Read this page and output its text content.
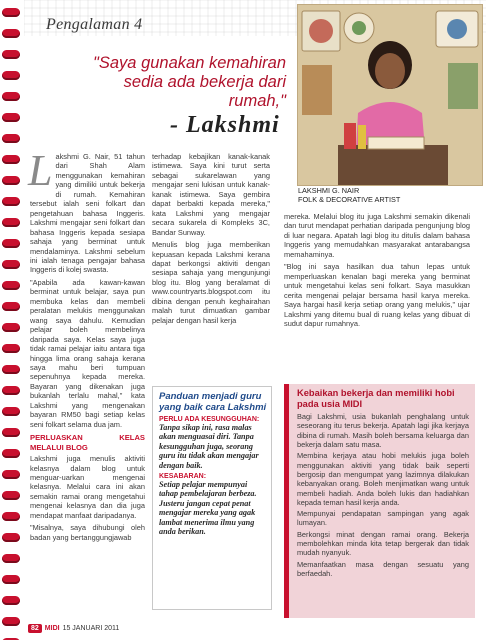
Pengalaman 4
"Saya gunakan kemahiran sedia ada bekerja dari rumah,"
- Lakshmi
LAKSHMI G. NAIR
FOLK & DECORATIVE ARTIST

Lakshmi G. Nair, 51 tahun dari Shah Alam menggunakan kemahiran yang dimiliki untuk bekerja di rumah. Kemahiran tersebut ialah seni folkart dan pengetahuan bahasa Inggeris. Lakshmi mengajar seni folkart dan bahasa Inggeris kepada sesiapa sahaja yang berminat untuk mendalaminya. Lakshmi sebelum ini ialah tenaga pengajar bahasa Inggeris di kolej swasta.

"Apabila ada kawan-kawan berminat untuk belajar, saya pun membuka kelas dan membeli peralatan melukis menggunakan wang saya dahulu. Kemudian pelajar boleh membelinya daripada saya. Kelas saya juga tidak ramai pelajar iaitu antara tiga hingga lima orang sahaja kerana saya mahu beri tumpuan sepenuhnya kepada mereka. Bayaran yang dikenakan juga bukanlah terlalu mahal," kata Lakshmi yang mengenakan bayaran RM50 bagi setiap kelas seni folkart selama dua jam.

PERLUASKAN KELAS MELALUI BLOG

Lakshmi juga menulis aktiviti kelasnya dalam blog untuk menguar-uarkan mengenai kelasnya. Melalui cara ini akan semakin ramai orang mengetahui mengenai kelasnya dan dia juga mendapat manfaat daripadanya.

"Misalnya, saya dihubungi oleh badan yang bertanggungjawab

terhadap kebajikan kanak-kanak istimewa. Saya kini turut serta sebagai sukarelawan yang mengajar seni lukisan untuk kanak-kanak istimewa. Saya gembira dapat berbakti kepada mereka," kata Lakshmi yang mengajar secara sukarela di Kompleks 3C, Bandar Sunway.

Menulis blog juga memberikan kepuasan kepada Lakshmi kerana dapat berkongsi aktiviti dengan sesiapa sahaja yang mengunjungi blog itu. Blog yang beralamat di www.countryarts.blogspot.com itu dibina dengan penuh keghairahan malah turut dimuatkan gambar pelajar dengan hasil kerja

mereka. Melalui blog itu juga Lakshmi semakin dikenali dan turut mendapat perhatian daripada pengunjung blog di luar negara. Apatah lagi blog itu ditulis dalam bahasa Inggeris yang memudahkan masyarakat antarabangsa memahaminya.

"Blog ini saya hasilkan dua tahun lepas untuk memperluaskan kenalan bagi mereka yang berminat untuk mengetahui kelas seni folkart. Saya masukkan cerita mengenai pelajar bersama hasil karya mereka. Saya hargai hasil kerja setiap orang yang melukis," ujar Lakshmi yang ditemu bual di ruang kelas yang dibuat di sudut dapur rumahnya.

Panduan menjadi guru yang baik cara Lakshmi
PERLU ADA KESUNGGUHAN:
Tanpa sikap ini, rasa malas akan menguasai diri. Tanpa kesungguhan juga, seorang guru itu tidak akan mengajar dengan baik.
KESABARAN:
Setiap pelajar mempunyai tahap pembelajaran berbeza. Justeru jangan cepat penat mengajar mereka yang agak lambat menerima ilmu yang anda berikan.
Kebaikan bekerja dan memiliki hobi pada usia MIDI

Bagi Lakshmi, usia bukanlah penghalang untuk seseorang itu terus bekerja. Apatah lagi jika kerjaya dibina di rumah. Masih boleh bersama keluarga dan bekerja dalam satu masa.

Membina kerjaya atau hobi melukis juga boleh menggunakan aktiviti yang tidak baik seperti bergosip dan mengumpat yang lazimnya dilakukan kebanyakan orang. Boleh menjimatkan wang untuk membeli hadiah. Anda boleh lukis dan hadiahkan kepada teman hasil kerja anda.

Mempunyai pendapatan sampingan yang agak lumayan.

Berkongsi minat dengan ramai orang. Bekerja membolehkan minda kita tetap bergerak dan tidak mudah nyanyuk.

Memanfaatkan masa dengan sesuatu yang berfaedah.

82 MIDI 15 JANUARI 2011
